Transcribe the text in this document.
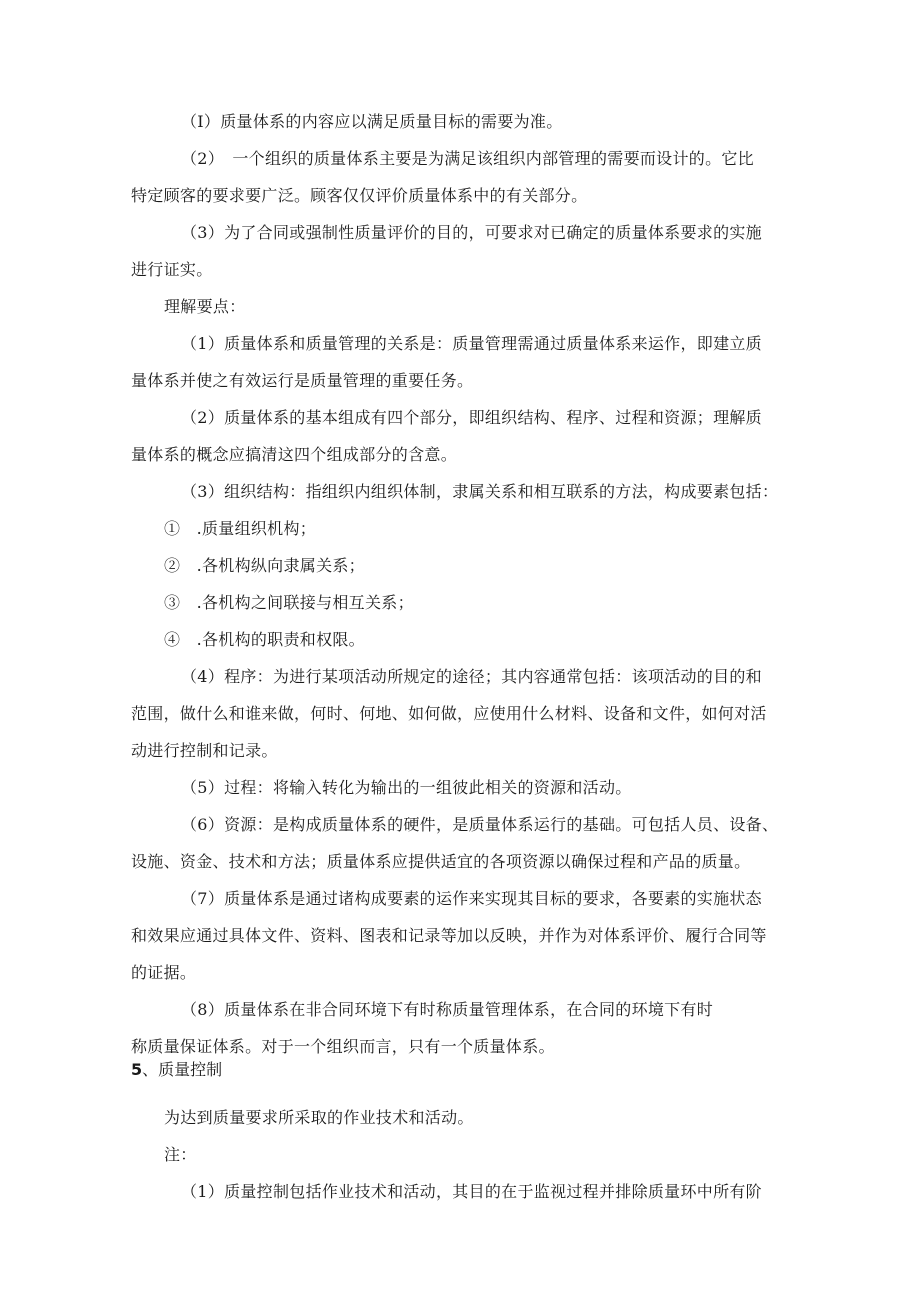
（I）质量体系的内容应以满足质量目标的需要为准。

（2）　一个组织的质量体系主要是为满足该组织内部管理的需要而设计的。它比

特定顾客的要求要广泛。顾客仅仅评价质量体系中的有关部分。

（3）为了合同或强制性质量评价的目的，可要求对已确定的质量体系要求的实施

进行证实。

理解要点：

（1）质量体系和质量管理的关系是：质量管理需通过质量体系来运作，即建立质

量体系并使之有效运行是质量管理的重要任务。

（2）质量体系的基本组成有四个部分，即组织结构、程序、过程和资源；理解质

量体系的概念应搞清这四个组成部分的含意。

（3）组织结构：指组织内组织体制，隶属关系和相互联系的方法，构成要素包括：

①　.质量组织机构；

②　.各机构纵向隶属关系；

③　.各机构之间联接与相互关系；

④　.各机构的职责和权限。

（4）程序：为进行某项活动所规定的途径；其内容通常包括：该项活动的目的和

范围，做什么和谁来做，何时、何地、如何做，应使用什么材料、设备和文件，如何对活

动进行控制和记录。

（5）过程：将输入转化为输出的一组彼此相关的资源和活动。

（6）资源：是构成质量体系的硬件，是质量体系运行的基础。可包括人员、设备、

设施、资金、技术和方法；质量体系应提供适宜的各项资源以确保过程和产品的质量。

（7）质量体系是通过诸构成要素的运作来实现其目标的要求，各要素的实施状态

和效果应通过具体文件、资料、图表和记录等加以反映，并作为对体系评价、履行合同等

的证据。

（8）质量体系在非合同环境下有时称质量管理体系，在合同的环境下有时

称质量保证体系。对于一个组织而言，只有一个质量体系。

5、质量控制

为达到质量要求所采取的作业技术和活动。

注：

（1）质量控制包括作业技术和活动，其目的在于监视过程并排除质量环中所有阶
